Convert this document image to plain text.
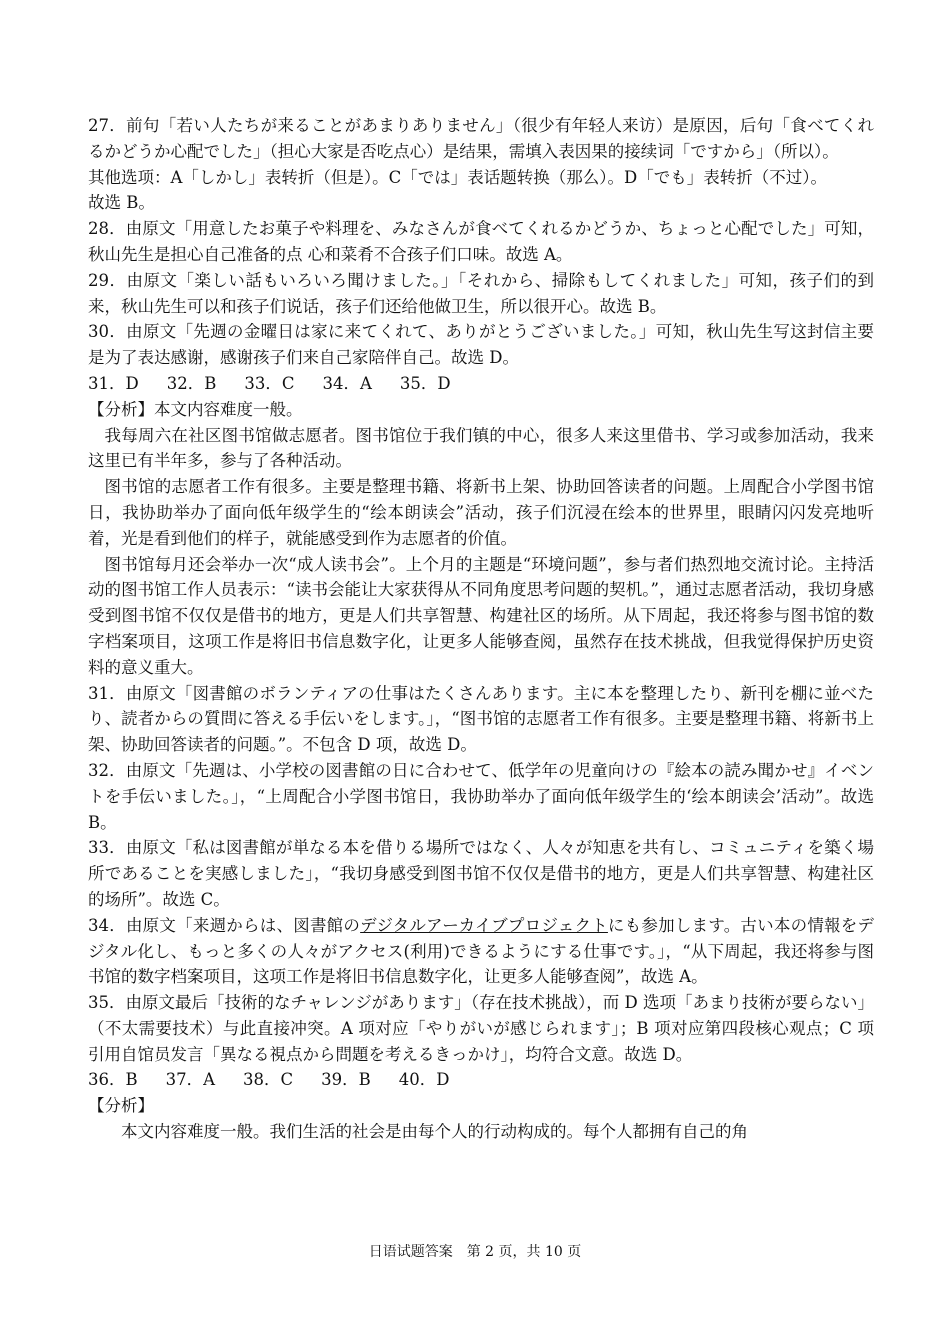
27．前句「若い人たちが来ることがあまりありません」（很少有年轻人来访）是原因，后句「食べてくれるかどうか心配でした」（担心大家是否吃点心）是结果，需填入表因果的接续词「ですから」（所以）。

其他选项：A「しかし」表转折（但是）。C「では」表话题转换（那么）。D「でも」表转折（不过）。

故选 B。

28．由原文「用意したお菓子や料理を、みなさんが食べてくれるかどうか、ちょっと心配でした」可知，秋山先生是担心自己准备的点 心和菜肴不合孩子们口味。故选 A。

29．由原文「楽しい話もいろいろ聞けました。」「それから、掃除もしてくれました」可知，孩子们的到来，秋山先生可以和孩子们说话，孩子们还给他做卫生，所以很开心。故选 B。

30．由原文「先週の金曜日は家に来てくれて、ありがとうございました。」可知，秋山先生写这封信主要是为了表达感谢，感谢孩子们来自己家陪伴自己。故选 D。

31．D 32．B 33．C 34．A 35．D

【分析】本文内容难度一般。

我每周六在社区图书馆做志愿者。图书馆位于我们镇的中心，很多人来这里借书、学习或参加活动，我来这里已有半年多，参与了各种活动。

图书馆的志愿者工作有很多。主要是整理书籍、将新书上架、协助回答读者的问题。上周配合小学图书馆日，我协助举办了面向低年级学生的“绘本朗读会”活动，孩子们沉浸在绘本的世界里，眼睛闪闪发亮地听着，光是看到他们的样子，就能感受到作为志愿者的价值。

图书馆每月还会举办一次“成人读书会”。上个月的主题是“环境问题”，参与者们热烈地交流讨论。主持活动的图书馆工作人员表示：“读书会能让大家获得从不同角度思考问题的契机。”，通过志愿者活动，我切身感受到图书馆不仅仅是借书的地方，更是人们共享智慧、构建社区的场所。从下周起，我还将参与图书馆的数字档案项目，这项工作是将旧书信息数字化，让更多人能够查阅，虽然存在技术挑战，但我觉得保护历史资料的意义重大。

31．由原文「図書館のボランティアの仕事はたくさんあります。主に本を整理したり、新刊を棚に並べたり、読者からの質問に答える手伝いをします。」，“图书馆的志愿者工作有很多。主要是整理书籍、将新书上架、协助回答读者的问题。”。不包含 D 项，故选 D。

32．由原文「先週は、小学校の図書館の日に合わせて、低学年の児童向けの『絵本の読み聞かせ』イベントを手伝いました。」，“上周配合小学图书馆日，我协助举办了面向低年级学生的‘绘本朗读会’活动”。故选 B。

33．由原文「私は図書館が単なる本を借りる場所ではなく、人々が知恵を共有し、コミュニティを築く場所であることを実感しました」，“我切身感受到图书馆不仅仅是借书的地方，更是人们共享智慧、构建社区的场所”。故选 C。

34．由原文「来週からは、図書館のデジタルアーカイブプロジェクトにも参加します。古い本の情報をデジタル化し、もっと多くの人々がアクセス(利用)できるようにする仕事です。」，“从下周起，我还将参与图书馆的数字档案项目，这项工作是将旧书信息数字化，让更多人能够查阅”，故选 A。

35．由原文最后「技術的なチャレンジがあります」（存在技术挑战），而 D 选项「あまり技術が要らない」（不太需要技术）与此直接冲突。A 项对应「やりがいが感じられます」；B 项对应第四段核心观点；C 项引用自馆员发言「異なる視点から問題を考えるきっかけ」，均符合文意。故选 D。

36．B 37．A 38．C 39．B 40．D

【分析】

本文内容难度一般。我们生活的社会是由每个人的行动构成的。每个人都拥有自己的角

日语试题答案　第 2 页，共 10 页
